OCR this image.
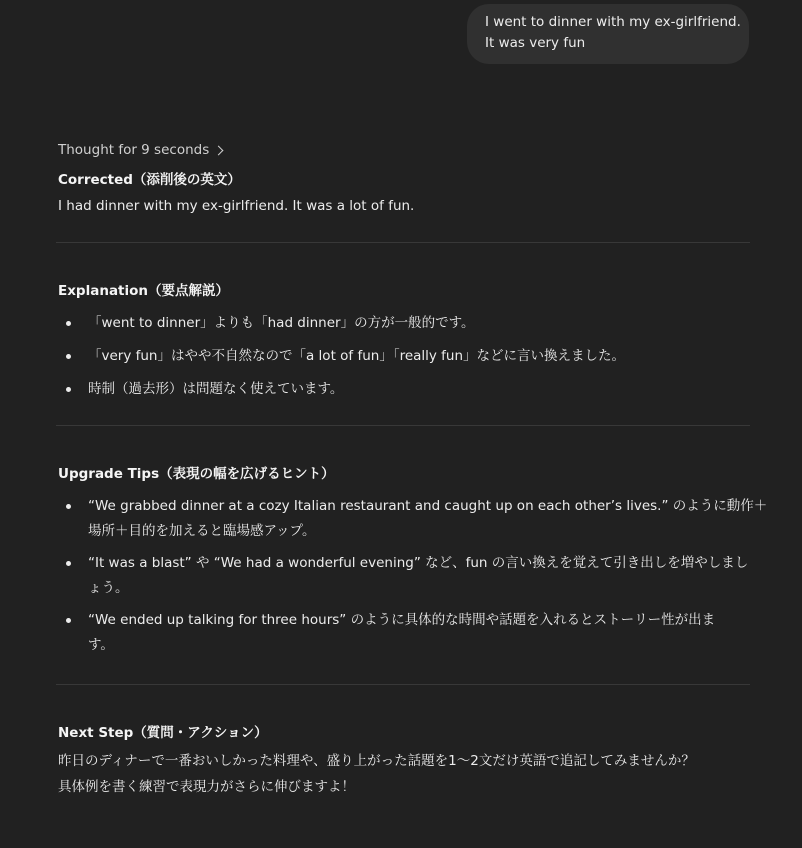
I went to dinner with my ex-girlfriend.
It was very fun
Thought for 9 seconds
Corrected（添削後の英文）
I had dinner with my ex-girlfriend. It was a lot of fun.
Explanation（要点解説）
「went to dinner」よりも「had dinner」の方が一般的です。
「very fun」はやや不自然なので「a lot of fun」「really fun」などに言い換えました。
時制（過去形）は問題なく使えています。
Upgrade Tips（表現の幅を広げるヒント）
“We grabbed dinner at a cozy Italian restaurant and caught up on each other’s lives.” のように動作＋
場所＋目的を加えると臨場感アップ。
“It was a blast” や “We had a wonderful evening” など、fun の言い換えを覚えて引き出しを増やしまし
ょう。
“We ended up talking for three hours” のように具体的な時間や話題を入れるとストーリー性が出ま
す。
Next Step（質問・アクション）
昨日のディナーで一番おいしかった料理や、盛り上がった話題を1〜2文だけ英語で追記してみませんか？
具体例を書く練習で表現力がさらに伸びますよ！
